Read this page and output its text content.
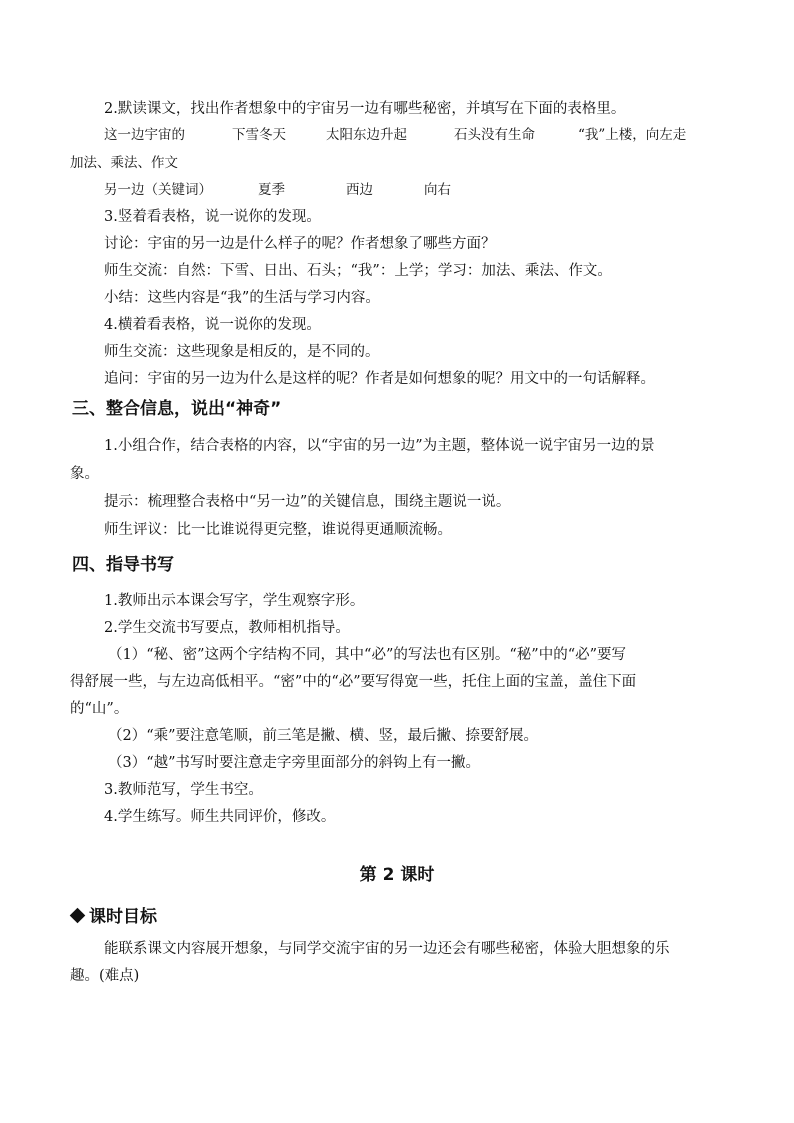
2.默读课文，找出作者想象中的宇宙另一边有哪些秘密，并填写在下面的表格里。
这一边宇宙的	下雪冬天	太阳东边升起	石头没有生命	“我”上楼，向左走
加法、乘法、作文
另一边（关键词）	夏季	西边	向右
3.竖着看表格，说一说你的发现。
讨论：宇宙的另一边是什么样子的呢？作者想象了哪些方面？
师生交流：自然：下雪、日出、石头；“我”：上学；学习：加法、乘法、作文。
小结：这些内容是“我”的生活与学习内容。
4.横着看表格，说一说你的发现。
师生交流：这些现象是相反的，是不同的。
追问：宇宙的另一边为什么是这样的呢？作者是如何想象的呢？用文中的一句话解释。
三、整合信息，说出“神奇”
1.小组合作，结合表格的内容，以“宇宙的另一边”为主题，整体说一说宇宙另一边的景
象。
提示：梳理整合表格中“另一边”的关键信息，围绕主题说一说。
师生评议：比一比谁说得更完整，谁说得更通顺流畅。
四、指导书写
1.教师出示本课会写字，学生观察字形。
2.学生交流书写要点，教师相机指导。
（1）“秘、密”这两个字结构不同，其中“必”的写法也有区别。“秘”中的“必”要写
得舒展一些，与左边高低相平。“密”中的“必”要写得宽一些，托住上面的宝盖，盖住下面
的“山”。
（2）“乘”要注意笔顺，前三笔是撇、横、竖，最后撇、捺要舒展。
（3）“越”书写时要注意走字旁里面部分的斜钩上有一撇。
3.教师范写，学生书空。
4.学生练写。师生共同评价，修改。
第 2 课时
课时目标
能联系课文内容展开想象，与同学交流宇宙的另一边还会有哪些秘密，体验大胆想象的乐
趣。(难点)
